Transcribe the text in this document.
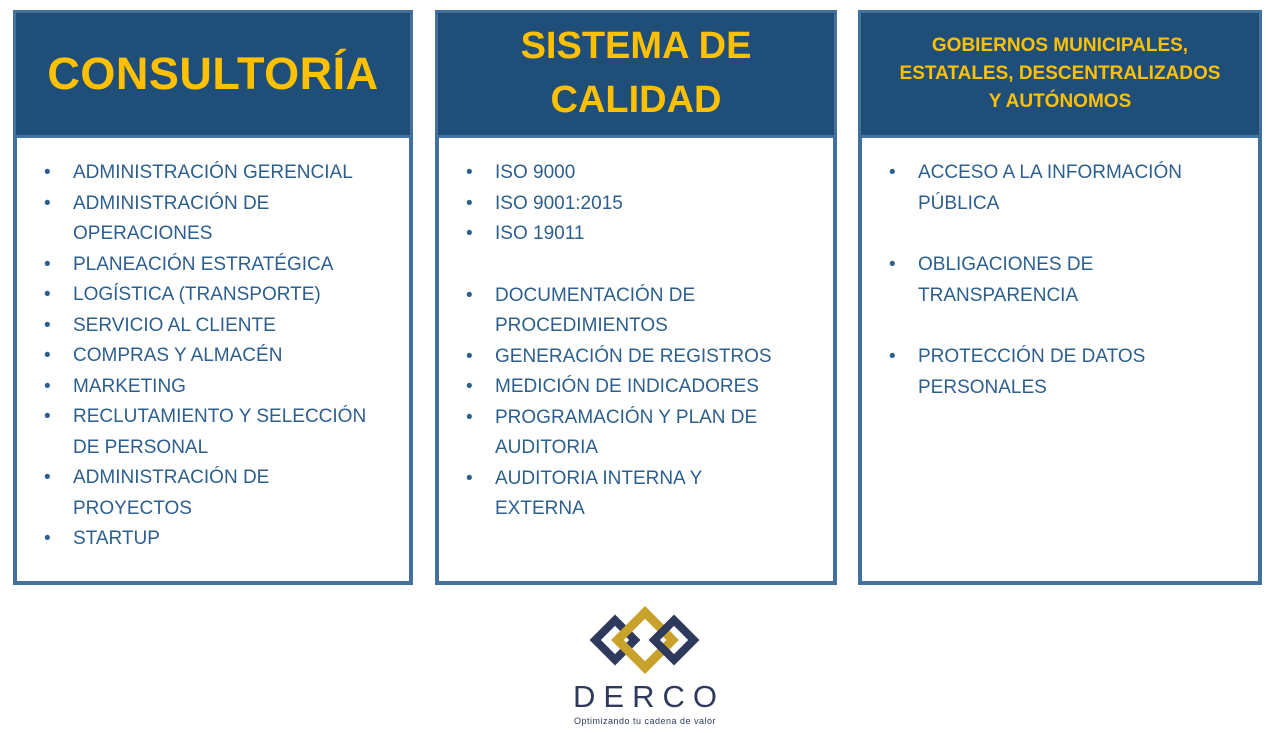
CONSULTORÍA
• ADMINISTRACIÓN GERENCIAL
• ADMINISTRACIÓN DE OPERACIONES
• PLANEACIÓN ESTRATÉGICA
• LOGÍSTICA (TRANSPORTE)
• SERVICIO AL CLIENTE
• COMPRAS Y ALMACÉN
• MARKETING
• RECLUTAMIENTO Y SELECCIÓN DE PERSONAL
• ADMINISTRACIÓN DE PROYECTOS
• STARTUP
SISTEMA DE CALIDAD
• ISO 9000
• ISO 9001:2015
• ISO 19011
• DOCUMENTACIÓN DE PROCEDIMIENTOS
• GENERACIÓN DE REGISTROS
• MEDICIÓN DE INDICADORES
• PROGRAMACIÓN Y PLAN DE AUDITORIA
• AUDITORIA INTERNA Y EXTERNA
GOBIERNOS MUNICIPALES, ESTATALES, DESCENTRALIZADOS Y AUTÓNOMOS
• ACCESO A LA INFORMACIÓN PÚBLICA
• OBLIGACIONES DE TRANSPARENCIA
• PROTECCIÓN DE DATOS PERSONALES
DERCO
Optimizando tu cadena de valor
